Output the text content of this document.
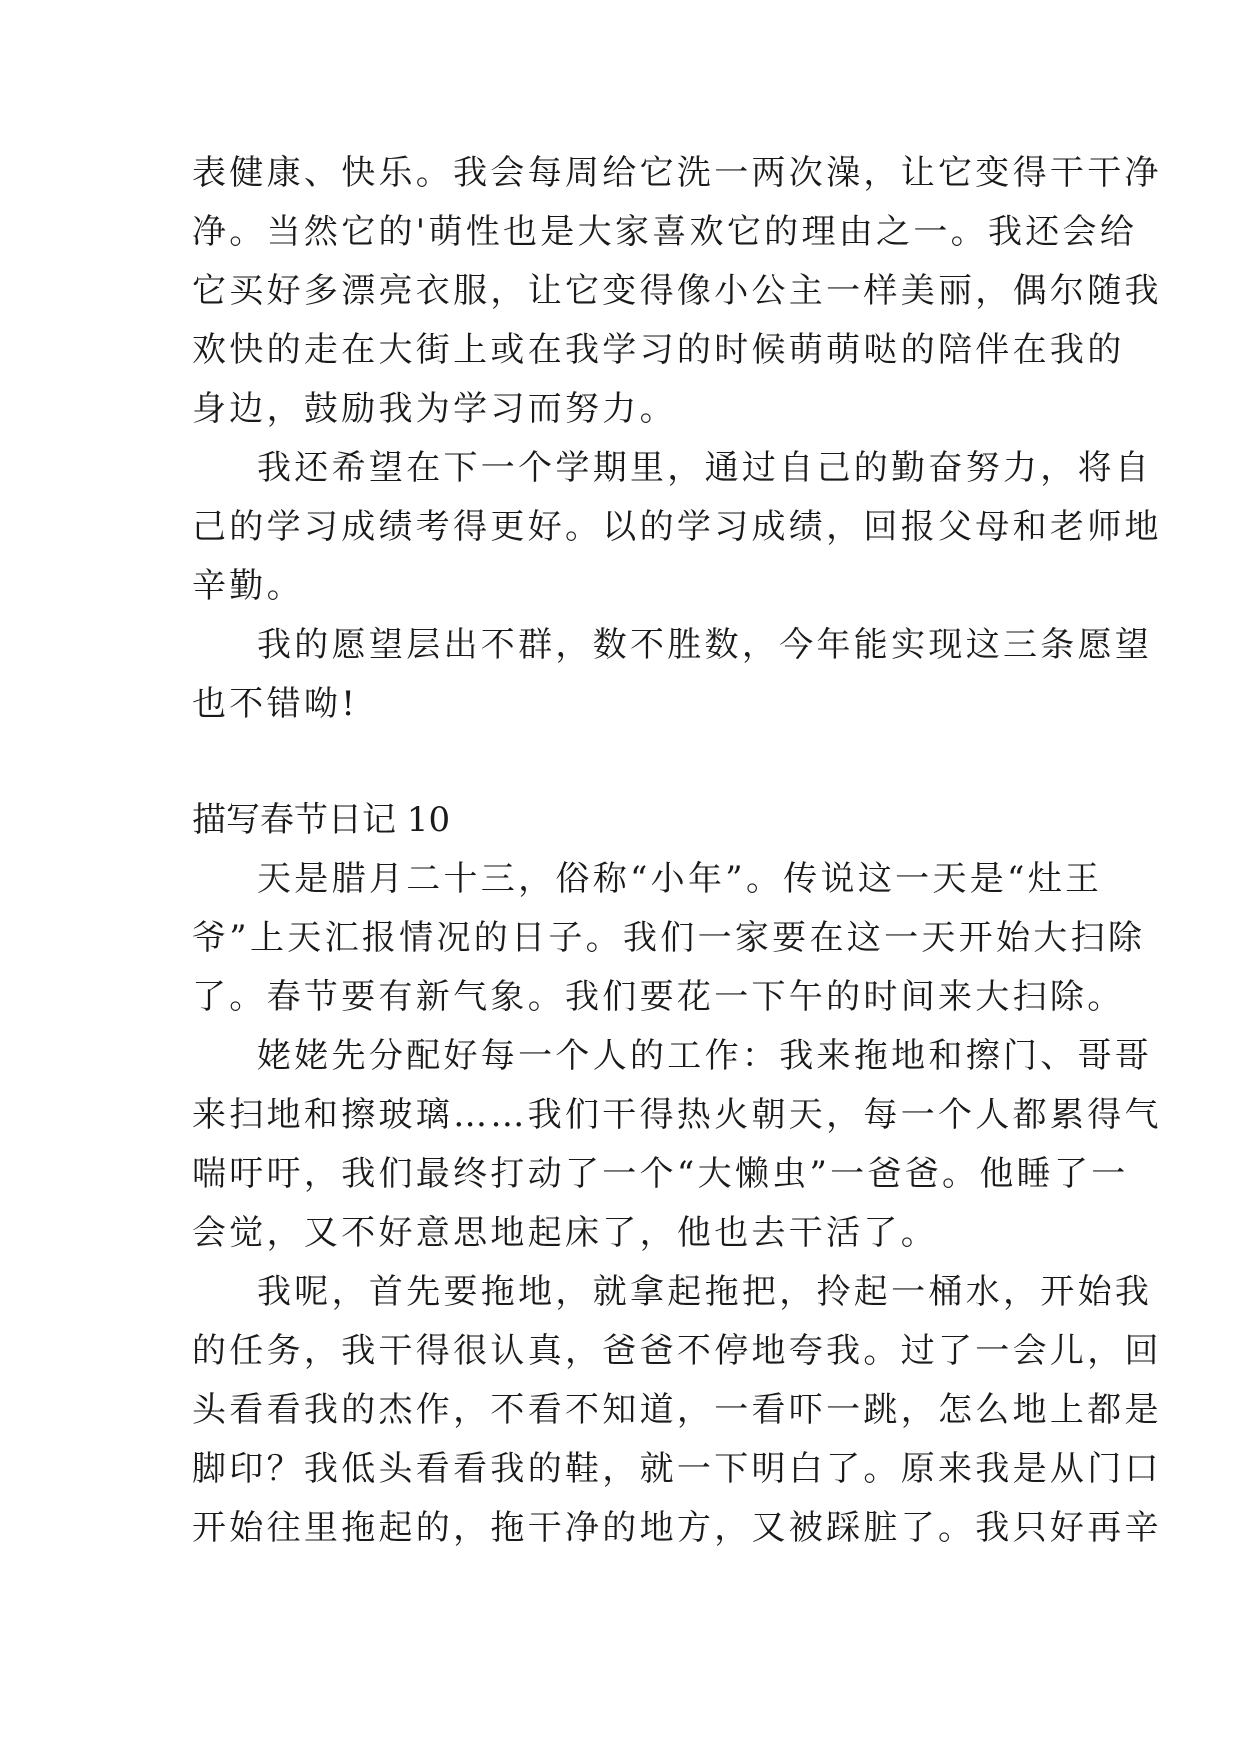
表健康、快乐。我会每周给它洗一两次澡，让它变得干干净
净。当然它的'萌性也是大家喜欢它的理由之一。我还会给
它买好多漂亮衣服，让它变得像小公主一样美丽，偶尔随我
欢快的走在大街上或在我学习的时候萌萌哒的陪伴在我的
身边，鼓励我为学习而努力。
我还希望在下一个学期里，通过自己的勤奋努力，将自
己的学习成绩考得更好。以的学习成绩，回报父母和老师地
辛勤。
我的愿望层出不群，数不胜数，今年能实现这三条愿望
也不错呦!
描写春节日记 10
天是腊月二十三，俗称“小年”。传说这一天是“灶王
爷”上天汇报情况的日子。我们一家要在这一天开始大扫除
了。春节要有新气象。我们要花一下午的时间来大扫除。
姥姥先分配好每一个人的工作：我来拖地和擦门、哥哥
来扫地和擦玻璃……我们干得热火朝天，每一个人都累得气
喘吁吁，我们最终打动了一个“大懒虫”一爸爸。他睡了一
会觉，又不好意思地起床了，他也去干活了。
我呢，首先要拖地，就拿起拖把，拎起一桶水，开始我
的任务，我干得很认真，爸爸不停地夸我。过了一会儿，回
头看看我的杰作，不看不知道，一看吓一跳，怎么地上都是
脚印？我低头看看我的鞋，就一下明白了。原来我是从门口
开始往里拖起的，拖干净的地方，又被踩脏了。我只好再辛
